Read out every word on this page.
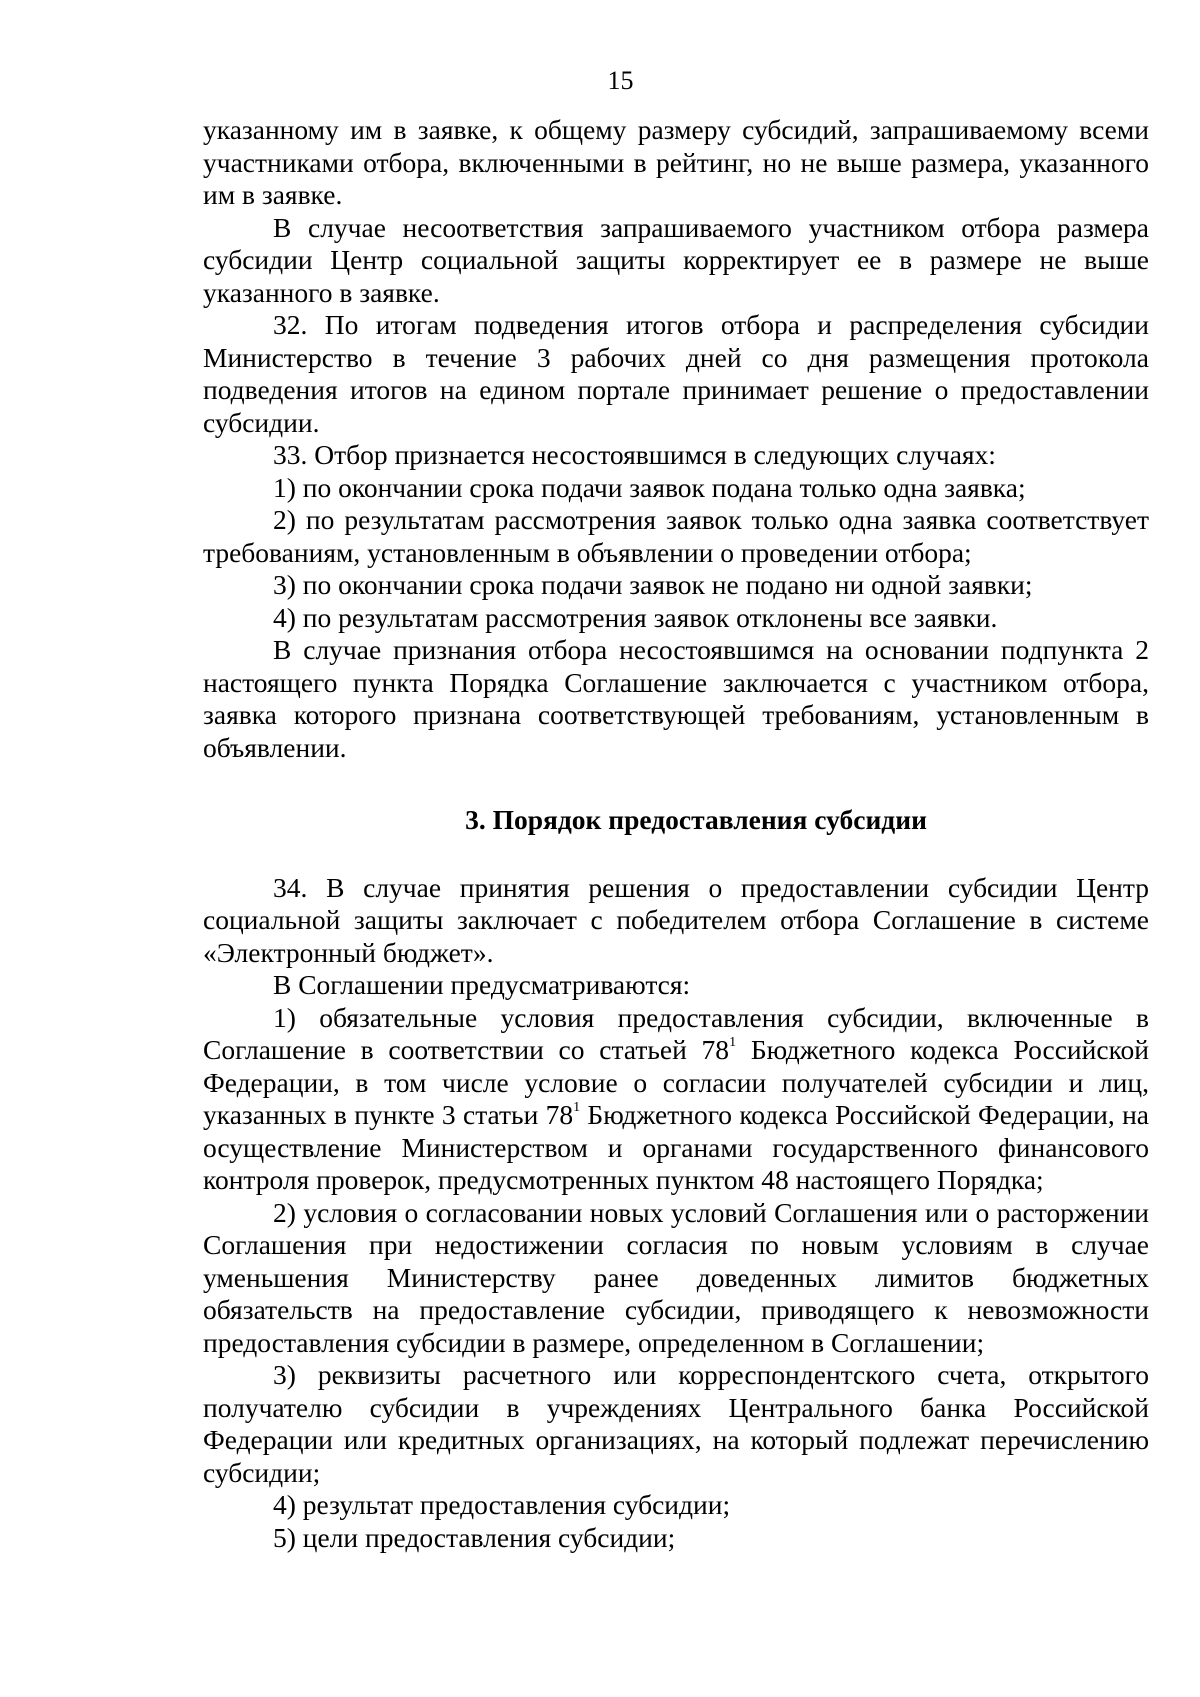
15

указанному им в заявке, к общему размеру субсидий, запрашиваемому всеми участниками отбора, включенными в рейтинг, но не выше размера, указанного им в заявке.

В случае несоответствия запрашиваемого участником отбора размера субсидии Центр социальной защиты корректирует ее в размере не выше указанного в заявке.

32. По итогам подведения итогов отбора и распределения субсидии Министерство в течение 3 рабочих дней со дня размещения протокола подведения итогов на едином портале принимает решение о предоставлении субсидии.

33. Отбор признается несостоявшимся в следующих случаях:

1) по окончании срока подачи заявок подана только одна заявка;

2) по результатам рассмотрения заявок только одна заявка соответствует требованиям, установленным в объявлении о проведении отбора;

3) по окончании срока подачи заявок не подано ни одной заявки;

4) по результатам рассмотрения заявок отклонены все заявки.

В случае признания отбора несостоявшимся на основании подпункта 2 настоящего пункта Порядка Соглашение заключается с участником отбора, заявка которого признана соответствующей требованиям, установленным в объявлении.

3. Порядок предоставления субсидии

34. В случае принятия решения о предоставлении субсидии Центр социальной защиты заключает с победителем отбора Соглашение в системе «Электронный бюджет».

В Соглашении предусматриваются:

1) обязательные условия предоставления субсидии, включенные в Соглашение в соответствии со статьей $78^1$ Бюджетного кодекса Российской Федерации, в том числе условие о согласии получателей субсидии и лиц, указанных в пункте 3 статьи $78^1$ Бюджетного кодекса Российской Федерации, на осуществление Министерством и органами государственного финансового контроля проверок, предусмотренных пунктом 48 настоящего Порядка;

2) условия о согласовании новых условий Соглашения или о расторжении Соглашения при недостижении согласия по новым условиям в случае уменьшения Министерству ранее доведенных лимитов бюджетных обязательств на предоставление субсидии, приводящего к невозможности предоставления субсидии в размере, определенном в Соглашении;

3) реквизиты расчетного или корреспондентского счета, открытого получателю субсидии в учреждениях Центрального банка Российской Федерации или кредитных организациях, на который подлежат перечислению субсидии;

4) результат предоставления субсидии;

5) цели предоставления субсидии;
